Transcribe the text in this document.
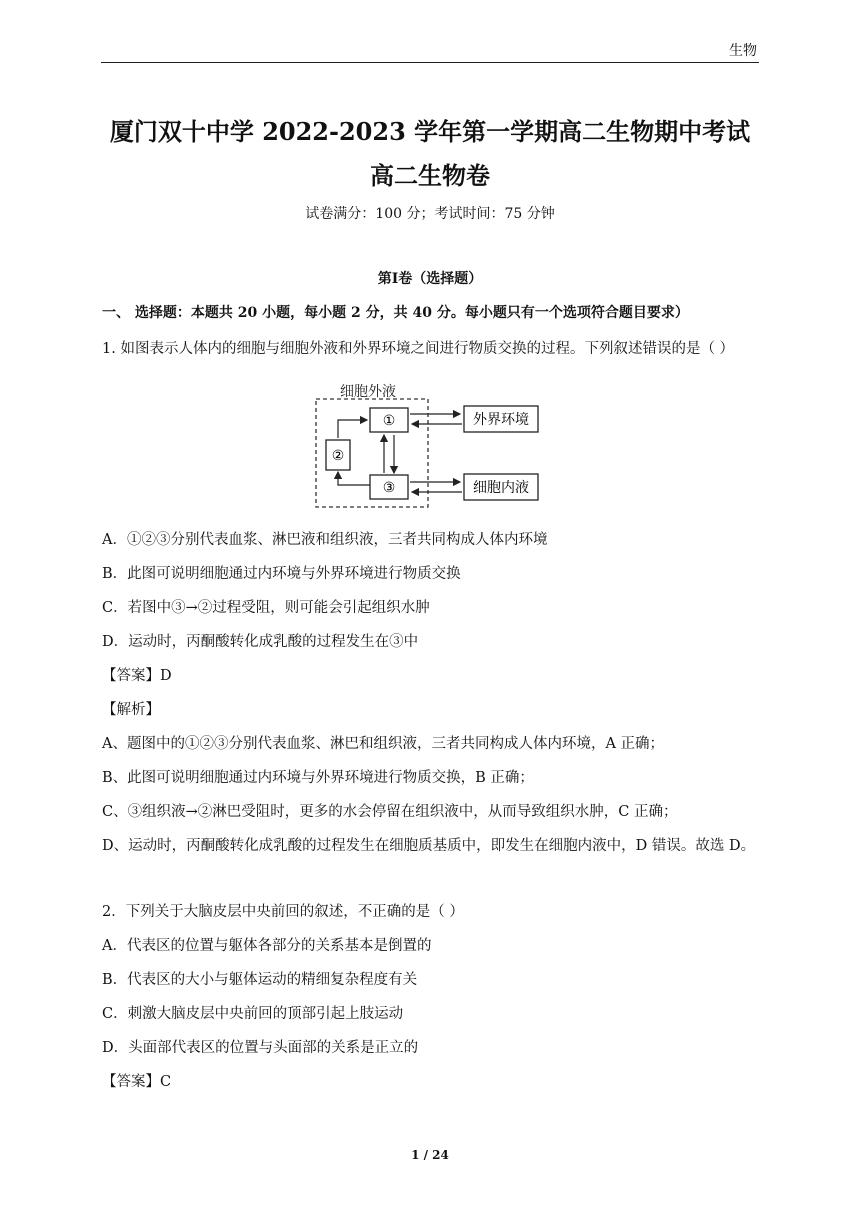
生物
厦门双十中学 2022-2023 学年第一学期高二生物期中考试
高二生物卷
试卷满分：100 分；考试时间：75 分钟
第Ⅰ卷（选择题）
一、 选择题：本题共 20 小题，每小题 2 分，共 40 分。每小题只有一个选项符合题目要求）
1. 如图表示人体内的细胞与细胞外液和外界环境之间进行物质交换的过程。下列叙述错误的是（ ）
细胞外液
①
③
②
外界环境
细胞内液
A．①②③分别代表血浆、淋巴液和组织液，三者共同构成人体内环境
B．此图可说明细胞通过内环境与外界环境进行物质交换
C．若图中③→②过程受阻，则可能会引起组织水肿
D．运动时，丙酮酸转化成乳酸的过程发生在③中
【答案】D
【解析】
A、题图中的①②③分别代表血浆、淋巴和组织液，三者共同构成人体内环境，A 正确；
B、此图可说明细胞通过内环境与外界环境进行物质交换，B 正确；
C、③组织液→②淋巴受阻时，更多的水会停留在组织液中，从而导致组织水肿，C 正确；
D、运动时，丙酮酸转化成乳酸的过程发生在细胞质基质中，即发生在细胞内液中，D 错误。故选 D。
2．下列关于大脑皮层中央前回的叙述，不正确的是（ ）
A．代表区的位置与躯体各部分的关系基本是倒置的
B．代表区的大小与躯体运动的精细复杂程度有关
C．刺激大脑皮层中央前回的顶部引起上肢运动
D．头面部代表区的位置与头面部的关系是正立的
【答案】C
1 / 24
